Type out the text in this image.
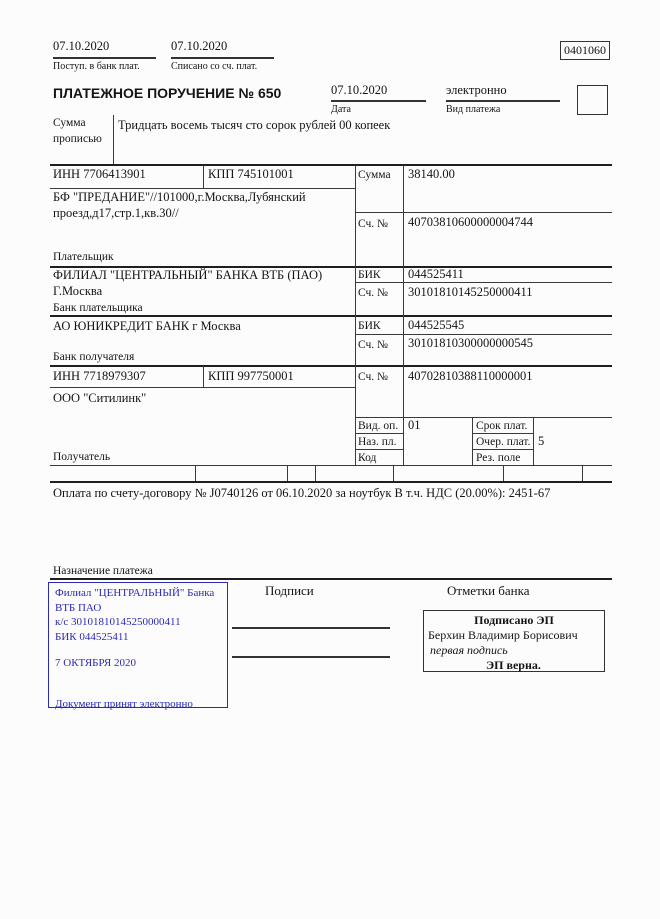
07.10.2020
Поступ. в банк плат.
07.10.2020
Списано со сч. плат.
0401060
ПЛАТЕЖНОЕ ПОРУЧЕНИЕ № 650	07.10.2020
Дата
электронно
Вид платежа
Сумма
прописью
Тридцать восемь тысяч сто сорок рублей 00 копеек
ИНН 7706413901	КПП 745101001	Сумма 38140.00
БФ "ПРЕДАНИЕ"//101000,г.Москва,Лубянский
проезд,д17,стр.1,кв.30//
Сч. № 40703810600000004744
Плательщик
ФИЛИАЛ "ЦЕНТРАЛЬНЫЙ" БАНКА ВТБ (ПАО)
Г.Москва
БИК 044525411
Сч. № 30101810145250000411
Банк плательщика
АО ЮНИКРЕДИТ БАНК г Москва	БИК 044525545
Сч. № 30101810300000000545
Банк получателя
ИНН 7718979307	КПП 997750001	Сч. № 40702810388110000001
ООО "Ситилинк"
Получатель
Вид. оп. 01	Срок плат.
Наз. пл.	Очер. плат. 5
Код	Рез. поле
Оплата по счету-договору № J0740126 от 06.10.2020 за ноутбук В т.ч. НДС (20.00%): 2451-67
Назначение платежа
Филиал "ЦЕНТРАЛЬНЫЙ" Банка
ВТБ ПАО
к/с 30101810145250000411
БИК 044525411
7 ОКТЯБРЯ 2020
Документ принят электронно
Подписи	Отметки банка
Подписано ЭП
Берхин Владимир Борисович
первая подпись
ЭП верна.
